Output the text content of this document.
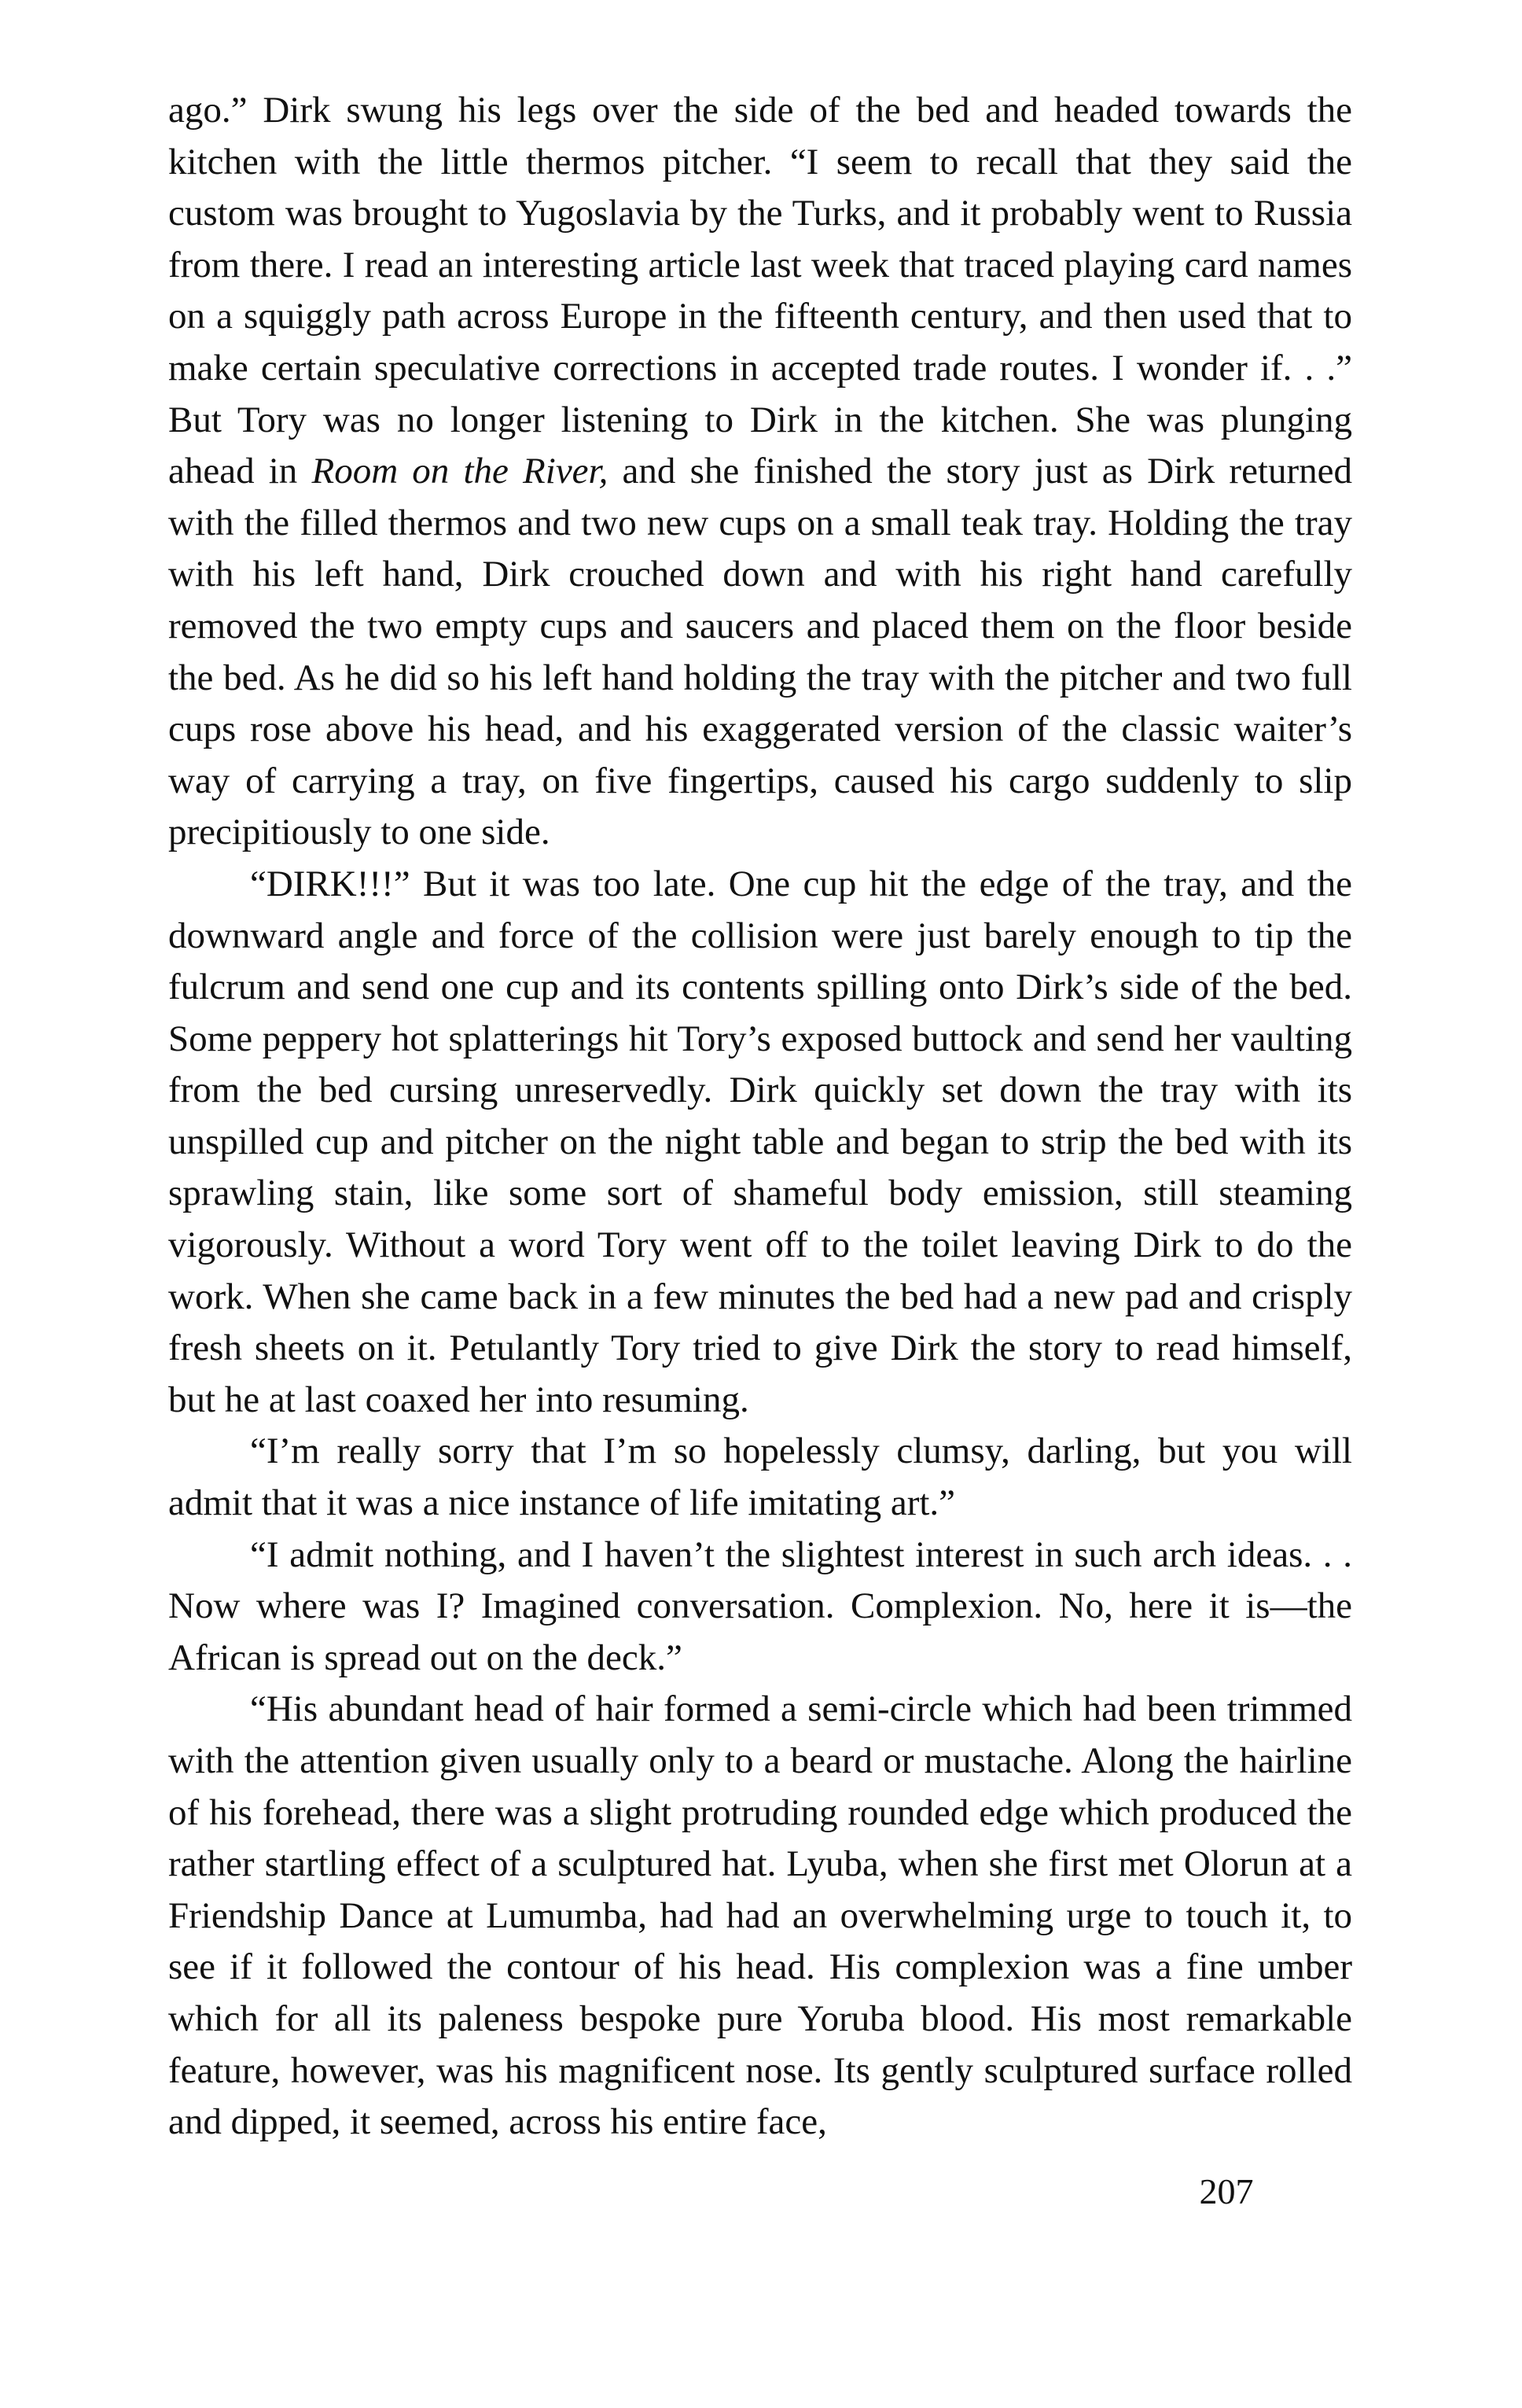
ago.” Dirk swung his legs over the side of the bed and headed towards the kitchen with the little thermos pitcher. “I seem to recall that they said the custom was brought to Yugoslavia by the Turks, and it probably went to Russia from there. I read an interesting article last week that traced playing card names on a squiggly path across Europe in the fifteenth century, and then used that to make certain speculative corrections in accepted trade routes. I wonder if. . .” But Tory was no longer listening to Dirk in the kitchen. She was plunging ahead in Room on the River, and she finished the story just as Dirk returned with the filled thermos and two new cups on a small teak tray. Holding the tray with his left hand, Dirk crouched down and with his right hand carefully removed the two empty cups and saucers and placed them on the floor beside the bed. As he did so his left hand holding the tray with the pitcher and two full cups rose above his head, and his exaggerated version of the classic waiter’s way of carrying a tray, on five fingertips, caused his cargo suddenly to slip precipitiously to one side.

“DIRK!!!” But it was too late. One cup hit the edge of the tray, and the downward angle and force of the collision were just barely enough to tip the fulcrum and send one cup and its contents spilling onto Dirk’s side of the bed. Some peppery hot splatterings hit Tory’s exposed buttock and send her vaulting from the bed cursing unreservedly. Dirk quickly set down the tray with its unspilled cup and pitcher on the night table and began to strip the bed with its sprawling stain, like some sort of shameful body emission, still steaming vigorously. Without a word Tory went off to the toilet leaving Dirk to do the work. When she came back in a few minutes the bed had a new pad and crisply fresh sheets on it. Petulantly Tory tried to give Dirk the story to read himself, but he at last coaxed her into resuming.

“I’m really sorry that I’m so hopelessly clumsy, darling, but you will admit that it was a nice instance of life imitating art.”

“I admit nothing, and I haven’t the slightest interest in such arch ideas. . . Now where was I? Imagined conversation. Complexion. No, here it is—the African is spread out on the deck.”

“His abundant head of hair formed a semi-circle which had been trimmed with the attention given usually only to a beard or mustache. Along the hairline of his forehead, there was a slight protruding rounded edge which produced the rather startling effect of a sculptured hat. Lyuba, when she first met Olorun at a Friendship Dance at Lumumba, had had an overwhelming urge to touch it, to see if it followed the contour of his head. His complexion was a fine umber which for all its paleness bespoke pure Yoruba blood. His most remarkable feature, however, was his magnificent nose. Its gently sculptured surface rolled and dipped, it seemed, across his entire face,

207
